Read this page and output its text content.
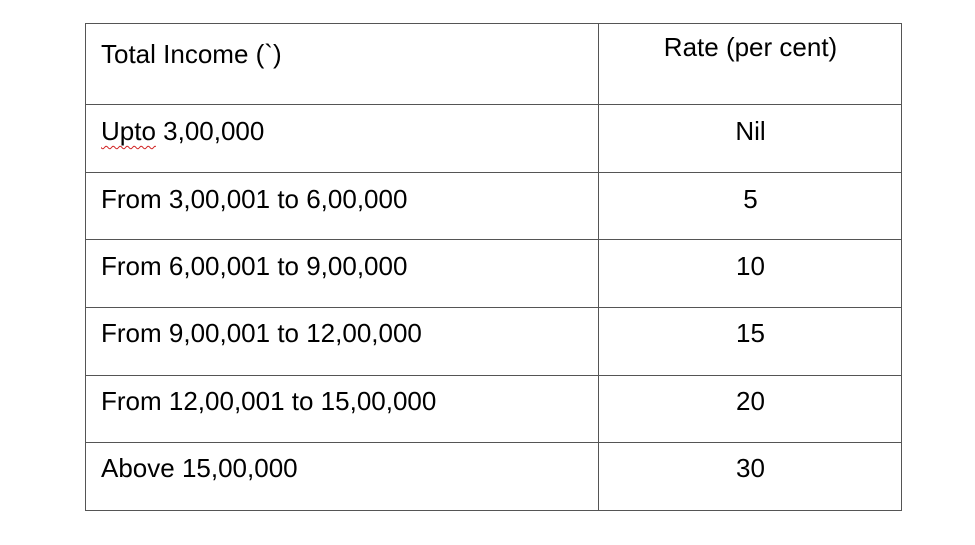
Total Income (`)	Rate (per cent)
Upto 3,00,000	Nil
From 3,00,001 to 6,00,000	5
From 6,00,001 to 9,00,000	10
From 9,00,001 to 12,00,000	15
From 12,00,001 to 15,00,000	20
Above 15,00,000	30
